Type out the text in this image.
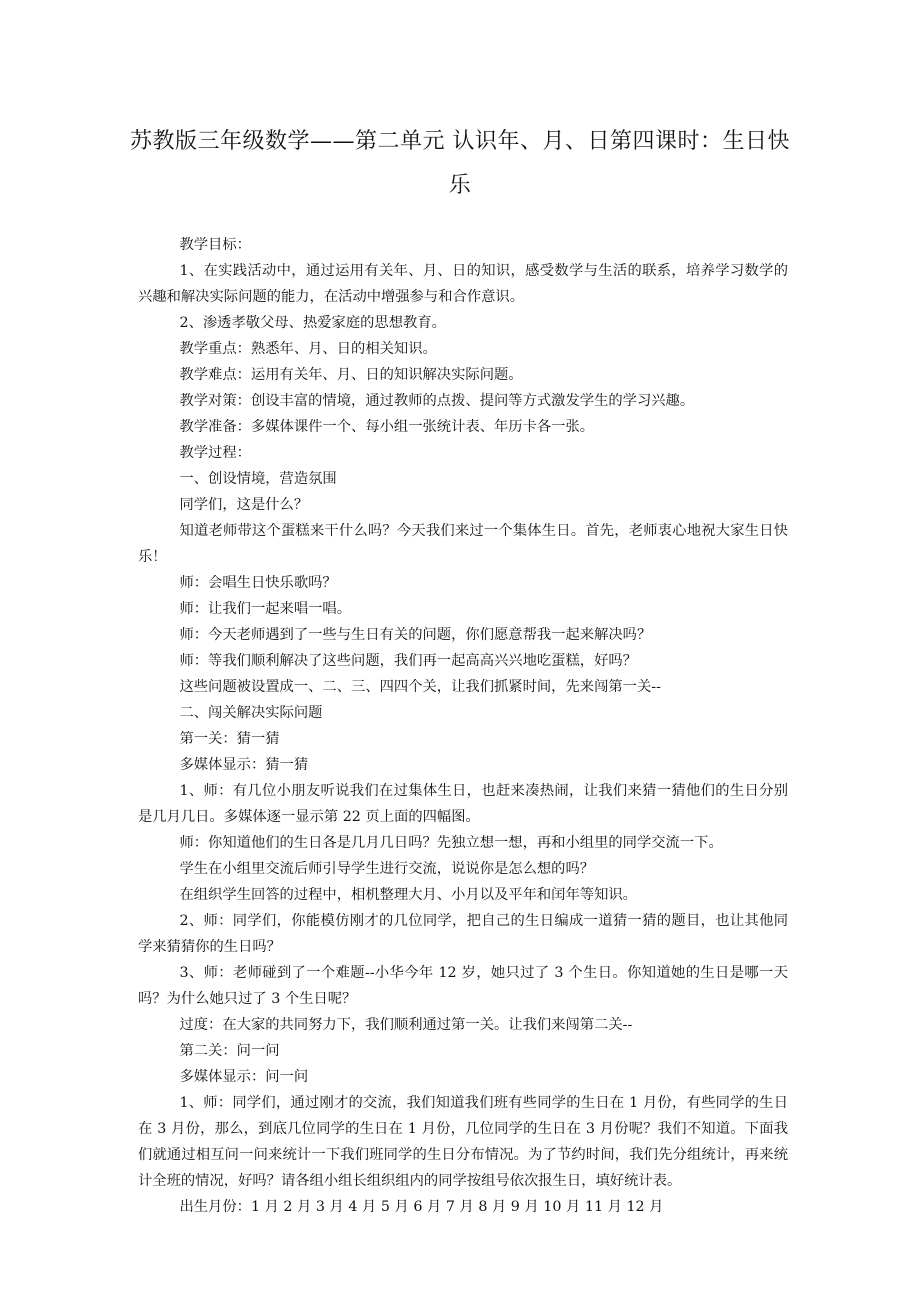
苏教版三年级数学——第二单元 认识年、月、日第四课时：生日快乐

教学目标：

1、在实践活动中，通过运用有关年、月、日的知识，感受数学与生活的联系，培养学习数学的兴趣和解决实际问题的能力，在活动中增强参与和合作意识。

2、渗透孝敬父母、热爱家庭的思想教育。

教学重点：熟悉年、月、日的相关知识。

教学难点：运用有关年、月、日的知识解决实际问题。

教学对策：创设丰富的情境，通过教师的点拨、提问等方式激发学生的学习兴趣。

教学准备：多媒体课件一个、每小组一张统计表、年历卡各一张。

教学过程：

一、创设情境，营造氛围

同学们，这是什么？

知道老师带这个蛋糕来干什么吗？今天我们来过一个集体生日。首先，老师衷心地祝大家生日快乐！

师：会唱生日快乐歌吗？

师：让我们一起来唱一唱。

师：今天老师遇到了一些与生日有关的问题，你们愿意帮我一起来解决吗？

师：等我们顺利解决了这些问题，我们再一起高高兴兴地吃蛋糕，好吗？

这些问题被设置成一、二、三、四四个关，让我们抓紧时间，先来闯第一关--

二、闯关解决实际问题

第一关：猜一猜

多媒体显示：猜一猜

1、师：有几位小朋友听说我们在过集体生日，也赶来凑热闹，让我们来猜一猜他们的生日分别是几月几日。多媒体逐一显示第 22 页上面的四幅图。

师：你知道他们的生日各是几月几日吗？先独立想一想，再和小组里的同学交流一下。

学生在小组里交流后师引导学生进行交流，说说你是怎么想的吗？

在组织学生回答的过程中，相机整理大月、小月以及平年和闰年等知识。

2、师：同学们，你能模仿刚才的几位同学，把自己的生日编成一道猜一猜的题目，也让其他同学来猜猜你的生日吗？

3、师：老师碰到了一个难题--小华今年 12 岁，她只过了 3 个生日。你知道她的生日是哪一天吗？为什么她只过了 3 个生日呢？

过度：在大家的共同努力下，我们顺利通过第一关。让我们来闯第二关--

第二关：问一问

多媒体显示：问一问

1、师：同学们，通过刚才的交流，我们知道我们班有些同学的生日在 1 月份，有些同学的生日在 3 月份，那么，到底几位同学的生日在 1 月份，几位同学的生日在 3 月份呢？我们不知道。下面我们就通过相互问一问来统计一下我们班同学的生日分布情况。为了节约时间，我们先分组统计，再来统计全班的情况，好吗？请各组小组长组织组内的同学按组号依次报生日，填好统计表。

出生月份：1 月 2 月 3 月 4 月 5 月 6 月 7 月 8 月 9 月 10 月 11 月 12 月
